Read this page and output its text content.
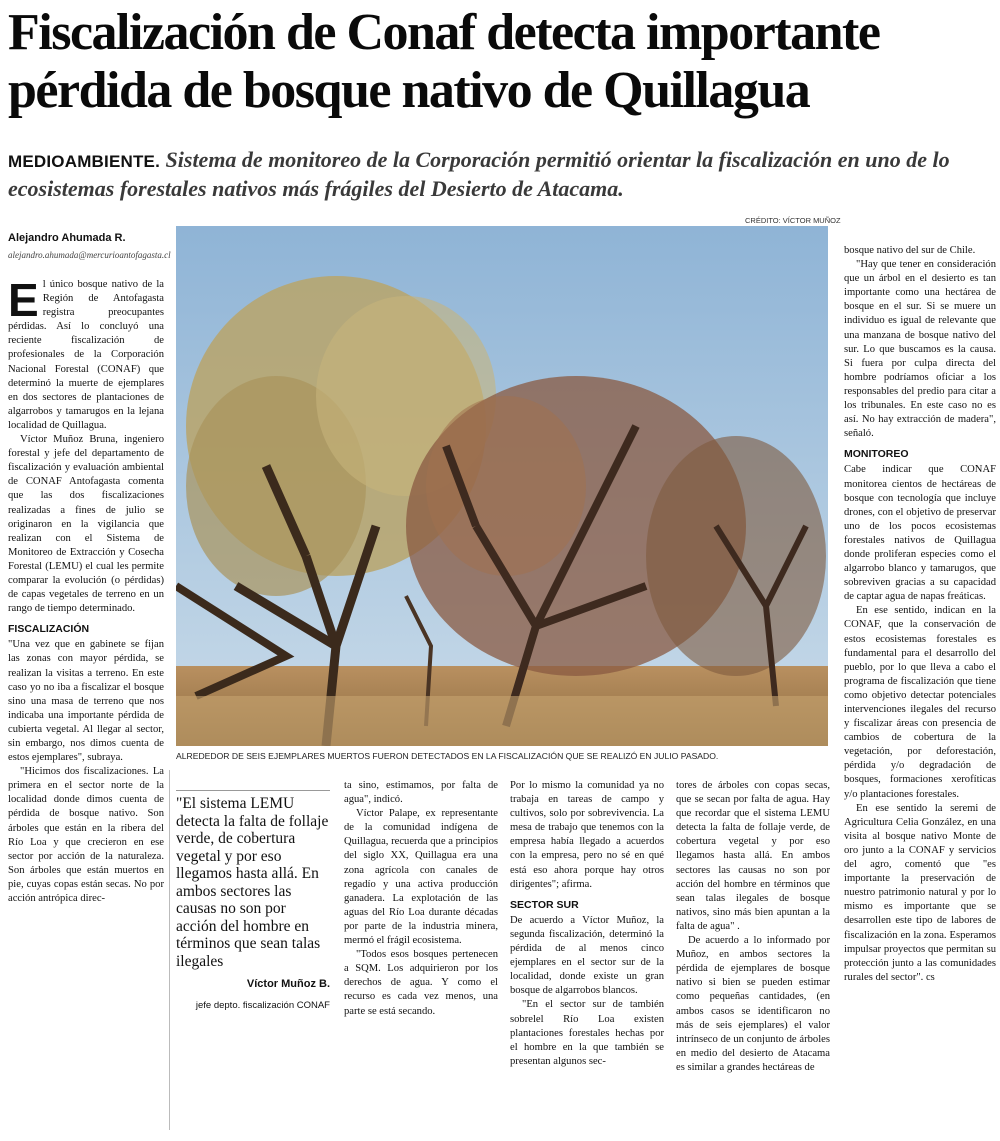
Fiscalización de Conaf detecta importante pérdida de bosque nativo de Quillagua
MEDIOAMBIENTE. Sistema de monitoreo de la Corporación permitió orientar la fiscalización en uno de lo ecosistemas forestales nativos más frágiles del Desierto de Atacama.
Alejandro Ahumada R.
alejandro.ahumada@mercurioantofagasta.cl
CRÉDITO: VÍCTOR MUÑOZ
ALREDEDOR DE SEIS EJEMPLARES MUERTOS FUERON DETECTADOS EN LA FISCALIZACIÓN QUE SE REALIZÓ EN JULIO PASADO.

El único bosque nativo de la Región de Antofagasta registra preocupantes pérdidas. Así lo concluyó una reciente fiscalización de profesionales de la Corporación Nacional Forestal (CONAF) que determinó la muerte de ejemplares en dos sectores de plantaciones de algarrobos y tamarugos en la lejana localidad de Quillagua.

Víctor Muñoz Bruna, ingeniero forestal y jefe del departamento de fiscalización y evaluación ambiental de CONAF Antofagasta comenta que las dos fiscalizaciones realizadas a fines de julio se originaron en la vigilancia que realizan con el Sistema de Monitoreo de Extracción y Cosecha Forestal (LEMU) el cual les permite comparar la evolución (o pérdidas) de capas vegetales de terreno en un rango de tiempo determinado.

FISCALIZACIÓN

"Una vez que en gabinete se fijan las zonas con mayor pérdida, se realizan la visitas a terreno. En este caso yo no iba a fiscalizar el bosque sino una masa de terreno que nos indicaba una importante pérdida de cubierta vegetal. Al llegar al sector, sin embargo, nos dimos cuenta de estos ejemplares", subraya.

"Hicimos dos fiscalizaciones. La primera en el sector norte de la localidad donde dimos cuenta de pérdida de bosque nativo. Son árboles que están en la ribera del Río Loa y que crecieron en ese sector por acción de la naturaleza. Son árboles que están muertos en pie, cuyas copas están secas. No por acción antrópica direc-

"El sistema LEMU detecta la falta de follaje verde, de cobertura vegetal y por eso llegamos hasta allá. En ambos sectores las causas no son por acción del hombre en términos que sean talas ilegales
Víctor Muñoz B.
jefe depto. fiscalización CONAF

ta sino, estimamos, por falta de agua", indicó.

Víctor Palape, ex representante de la comunidad indígena de Quillagua, recuerda que a principios del siglo XX, Quillagua era una zona agrícola con canales de regadío y una activa producción ganadera. La explotación de las aguas del Río Loa durante décadas por parte de la industria minera, mermó el frágil ecosistema.

"Todos esos bosques pertenecen a SQM. Los adquirieron por los derechos de agua. Y como el recurso es cada vez menos, una parte se está secando.

Por lo mismo la comunidad ya no trabaja en tareas de campo y cultivos, solo por sobrevivencia. La mesa de trabajo que tenemos con la empresa había llegado a acuerdos con la empresa, pero no sé en qué está eso ahora porque hay otros dirigentes"; afirma.

SECTOR SUR

De acuerdo a Víctor Muñoz, la segunda fiscalización, determinó la pérdida de al menos cinco ejemplares en el sector sur de la localidad, donde existe un gran bosque de algarrobos blancos.

"En el sector sur de también sobrelel Río Loa existen plantaciones forestales hechas por el hombre en la que también se presentan algunos sec-

tores de árboles con copas secas, que se secan por falta de agua. Hay que recordar que el sistema LEMU detecta la falta de follaje verde, de cobertura vegetal y por eso llegamos hasta allá. En ambos sectores las causas no son por acción del hombre en términos que sean talas ilegales de bosque nativos, sino más bien apuntan a la falta de agua" .

De acuerdo a lo informado por Muñoz, en ambos sectores la pérdida de ejemplares de bosque nativo si bien se pueden estimar como pequeñas cantidades, (en ambos casos se identificaron no más de seis ejemplares) el valor intrínseco de un conjunto de árboles en medio del desierto de Atacama es similar a grandes hectáreas de

bosque nativo del sur de Chile.

"Hay que tener en consideración que un árbol en el desierto es tan importante como una hectárea de bosque en el sur. Si se muere un individuo es igual de relevante que una manzana de bosque nativo del sur. Lo que buscamos es la causa. Si fuera por culpa directa del hombre podríamos oficiar a los responsables del predio para citar a los tribunales. En este caso no es así. No hay extracción de madera", señaló.

MONITOREO

Cabe indicar que CONAF monitorea cientos de hectáreas de bosque con tecnología que incluye drones, con el objetivo de preservar uno de los pocos ecosistemas forestales nativos de Quillagua donde proliferan especies como el algarrobo blanco y tamarugos, que sobreviven gracias a su capacidad de captar agua de napas freáticas.

En ese sentido, indican en la CONAF, que la conservación de estos ecosistemas forestales es fundamental para el desarrollo del pueblo, por lo que lleva a cabo el programa de fiscalización que tiene como objetivo detectar potenciales intervenciones ilegales del recurso y fiscalizar áreas con presencia de cambios de cobertura de la vegetación, por deforestación, pérdida y/o degradación de bosques, formaciones xerofíticas y/o plantaciones forestales.

En ese sentido la seremi de Agricultura Celia González, en una visita al bosque nativo Monte de oro junto a la CONAF y servicios del agro, comentó que "es importante la preservación de nuestro patrimonio natural y por lo mismo es importante que se desarrollen este tipo de labores de fiscalización en la zona. Esperamos impulsar proyectos que permitan su protección junto a las comunidades rurales del sector". cs
